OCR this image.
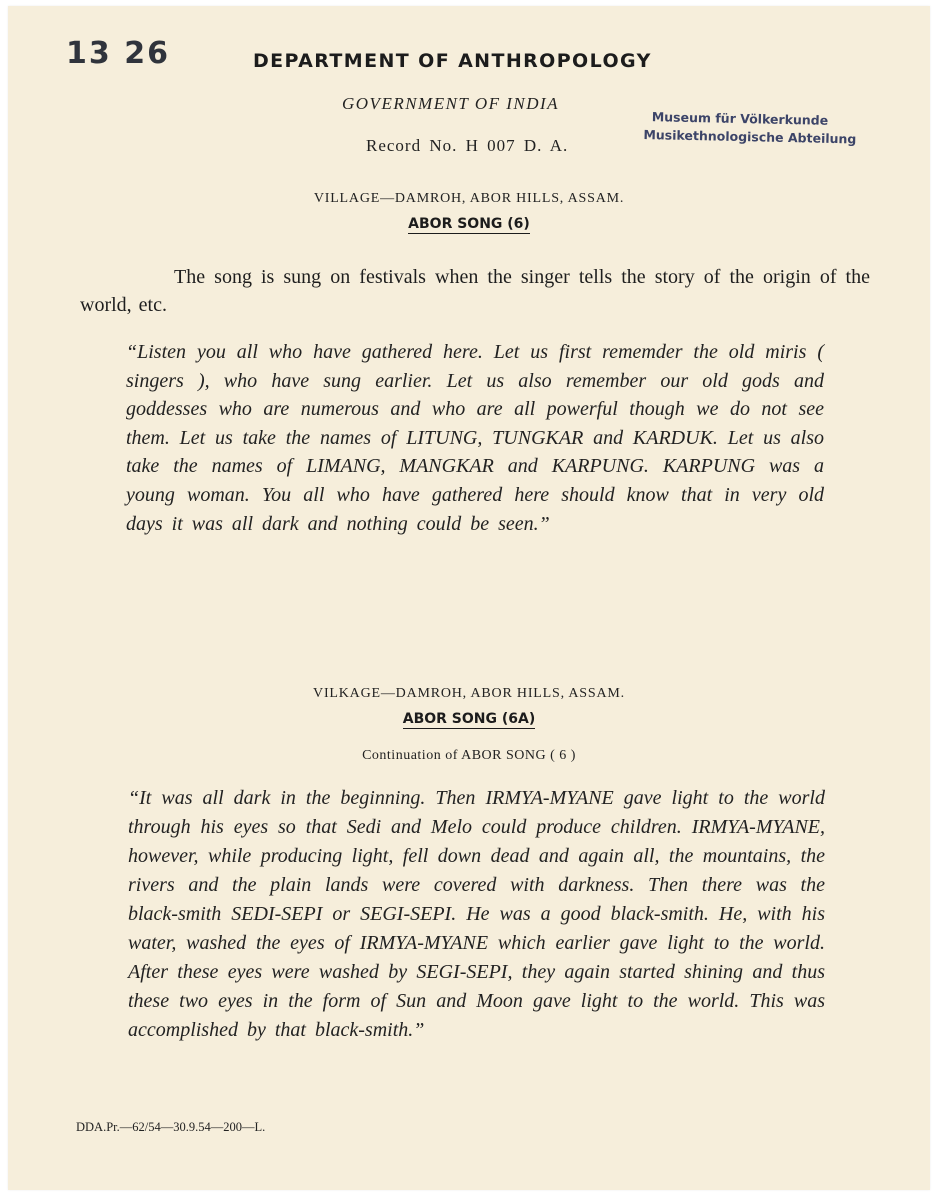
13 26	DEPARTMENT OF ANTHROPOLOGY
GOVERNMENT OF INDIA
Record No. H 007 D. A.
Museum für Völkerkunde
Musikethnologische Abteilung
VILLAGE—DAMROH, ABOR HILLS, ASSAM.
ABOR SONG (6)
The song is sung on festivals when the singer tells the story of the origin of the world, etc.
“Listen you all who have gathered here. Let us first rememder the old miris ( singers ), who have sung earlier. Let us also remember our old gods and goddesses who are numerous and who are all powerful though we do not see them. Let us take the names of LITUNG, TUNGKAR and KARDUK. Let us also take the names of LIMANG, MANGKAR and KARPUNG. KARPUNG was a young woman. You all who have gathered here should know that in very old days it was all dark and nothing could be seen.”
VILKAGE—DAMROH, ABOR HILLS, ASSAM.
ABOR SONG (6A)
Continuation of ABOR SONG ( 6 )
“It was all dark in the beginning. Then IRMYA-MYANE gave light to the world through his eyes so that Sedi and Melo could produce children. IRMYA-MYANE, however, while producing light, fell down dead and again all, the mountains, the rivers and the plain lands were covered with darkness. Then there was the black-smith SEDI-SEPI or SEGI-SEPI. He was a good black-smith. He, with his water, washed the eyes of IRMYA-MYANE which earlier gave light to the world. After these eyes were washed by SEGI-SEPI, they again started shining and thus these two eyes in the form of Sun and Moon gave light to the world. This was accomplished by that black-smith.”
DDA.Pr.—62/54—30.9.54—200—L.
